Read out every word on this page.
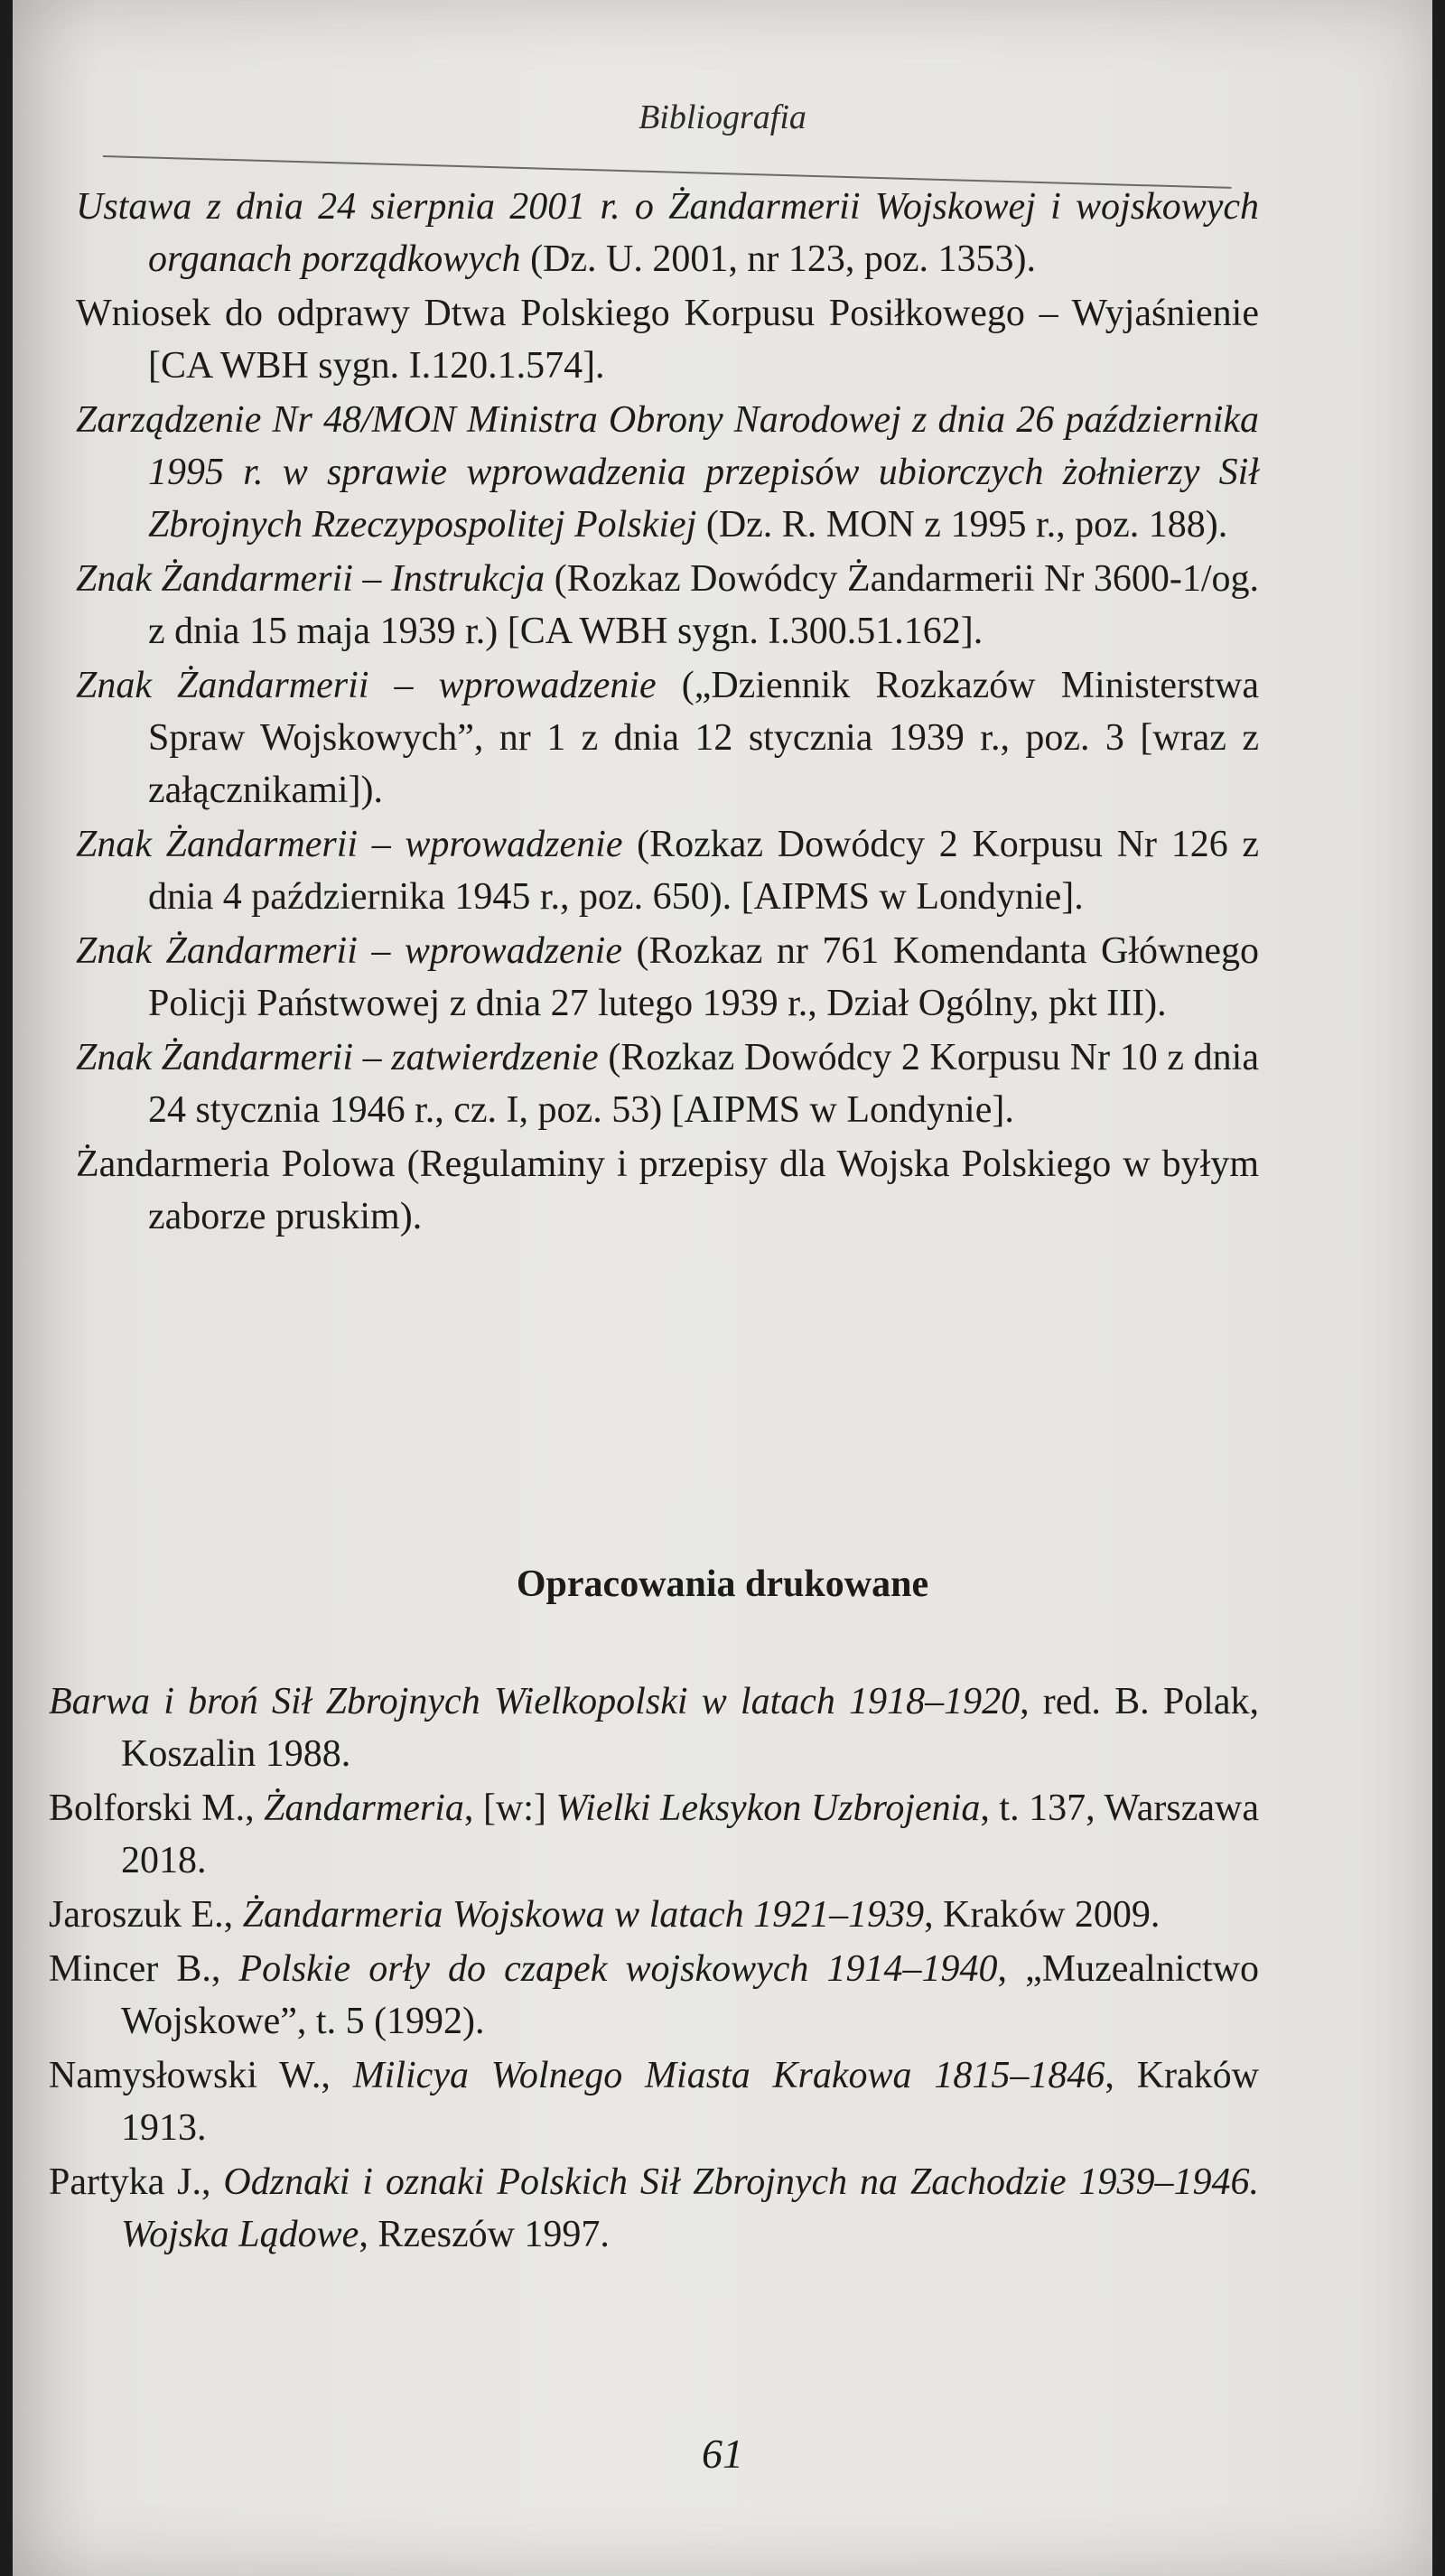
Bibliografia

Ustawa z dnia 24 sierpnia 2001 r. o Żandarmerii Wojskowej i wojskowych organach porządkowych (Dz. U. 2001, nr 123, poz. 1353).

Wniosek do odprawy Dtwa Polskiego Korpusu Posiłkowego – Wyjaśnienie [CA WBH sygn. I.120.1.574].

Zarządzenie Nr 48/MON Ministra Obrony Narodowej z dnia 26 października 1995 r. w sprawie wprowadzenia przepisów ubiorczych żołnierzy Sił Zbrojnych Rzeczypospolitej Polskiej (Dz. R. MON z 1995 r., poz. 188).

Znak Żandarmerii – Instrukcja (Rozkaz Dowódcy Żandarmerii Nr 3600-1/og. z dnia 15 maja 1939 r.) [CA WBH sygn. I.300.51.162].

Znak Żandarmerii – wprowadzenie („Dziennik Rozkazów Ministerstwa Spraw Wojskowych”, nr 1 z dnia 12 stycznia 1939 r., poz. 3 [wraz z załącznikami]).

Znak Żandarmerii – wprowadzenie (Rozkaz Dowódcy 2 Korpusu Nr 126 z dnia 4 października 1945 r., poz. 650). [AIPMS w Londynie].

Znak Żandarmerii – wprowadzenie (Rozkaz nr 761 Komendanta Głównego Policji Państwowej z dnia 27 lutego 1939 r., Dział Ogólny, pkt III).

Znak Żandarmerii – zatwierdzenie (Rozkaz Dowódcy 2 Korpusu Nr 10 z dnia 24 stycznia 1946 r., cz. I, poz. 53) [AIPMS w Londynie].

Żandarmeria Polowa (Regulaminy i przepisy dla Wojska Polskiego w byłym zaborze pruskim).

Opracowania drukowane

Barwa i broń Sił Zbrojnych Wielkopolski w latach 1918–1920, red. B. Polak, Koszalin 1988.

Bolforski M., Żandarmeria, [w:] Wielki Leksykon Uzbrojenia, t. 137, Warszawa 2018.

Jaroszuk E., Żandarmeria Wojskowa w latach 1921–1939, Kraków 2009.

Mincer B., Polskie orły do czapek wojskowych 1914–1940, „Muzealnictwo Wojskowe”, t. 5 (1992).

Namysłowski W., Milicya Wolnego Miasta Krakowa 1815–1846, Kraków 1913.

Partyka J., Odznaki i oznaki Polskich Sił Zbrojnych na Zachodzie 1939–1946. Wojska Lądowe, Rzeszów 1997.

61
